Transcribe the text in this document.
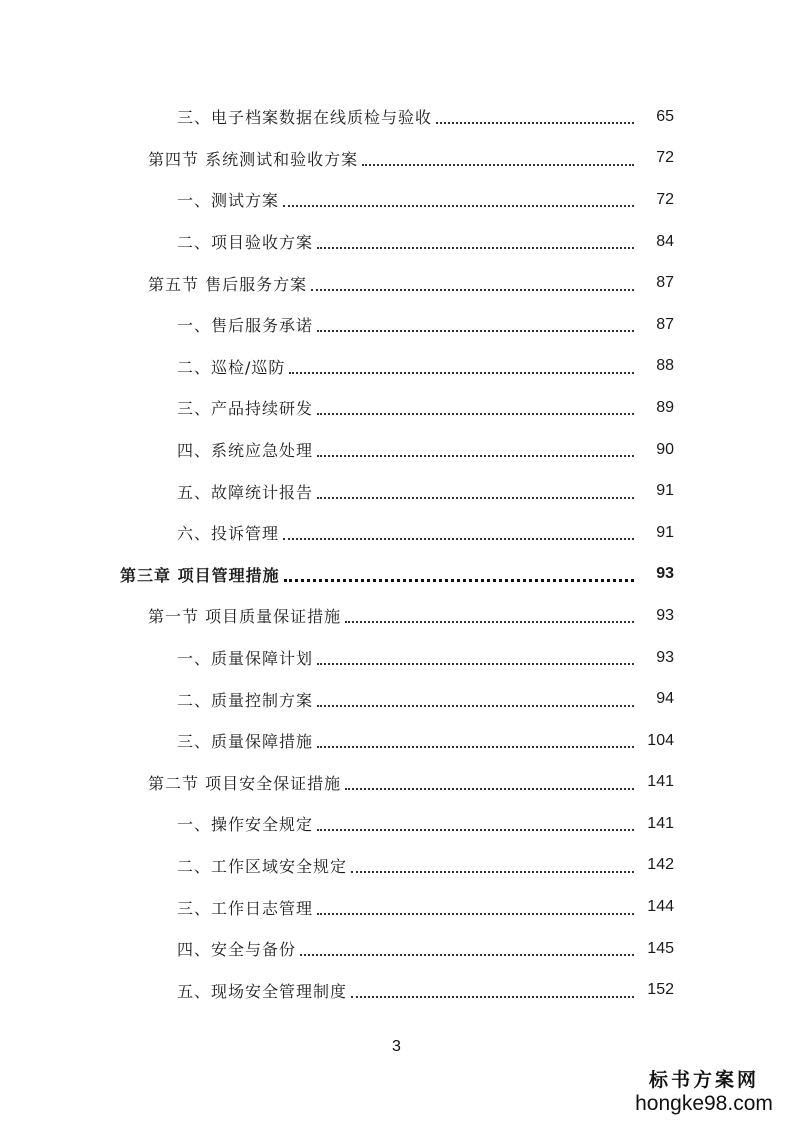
三、电子档案数据在线质检与验收	65
第四节 系统测试和验收方案	72
一、测试方案	72
二、项目验收方案	84
第五节 售后服务方案	87
一、售后服务承诺	87
二、巡检/巡防	88
三、产品持续研发	89
四、系统应急处理	90
五、故障统计报告	91
六、投诉管理	91
第三章 项目管理措施	93
第一节 项目质量保证措施	93
一、质量保障计划	93
二、质量控制方案	94
三、质量保障措施	104
第二节 项目安全保证措施	141
一、操作安全规定	141
二、工作区域安全规定	142
三、工作日志管理	144
四、安全与备份	145
五、现场安全管理制度	152
3
标书方案网
hongke98.com
